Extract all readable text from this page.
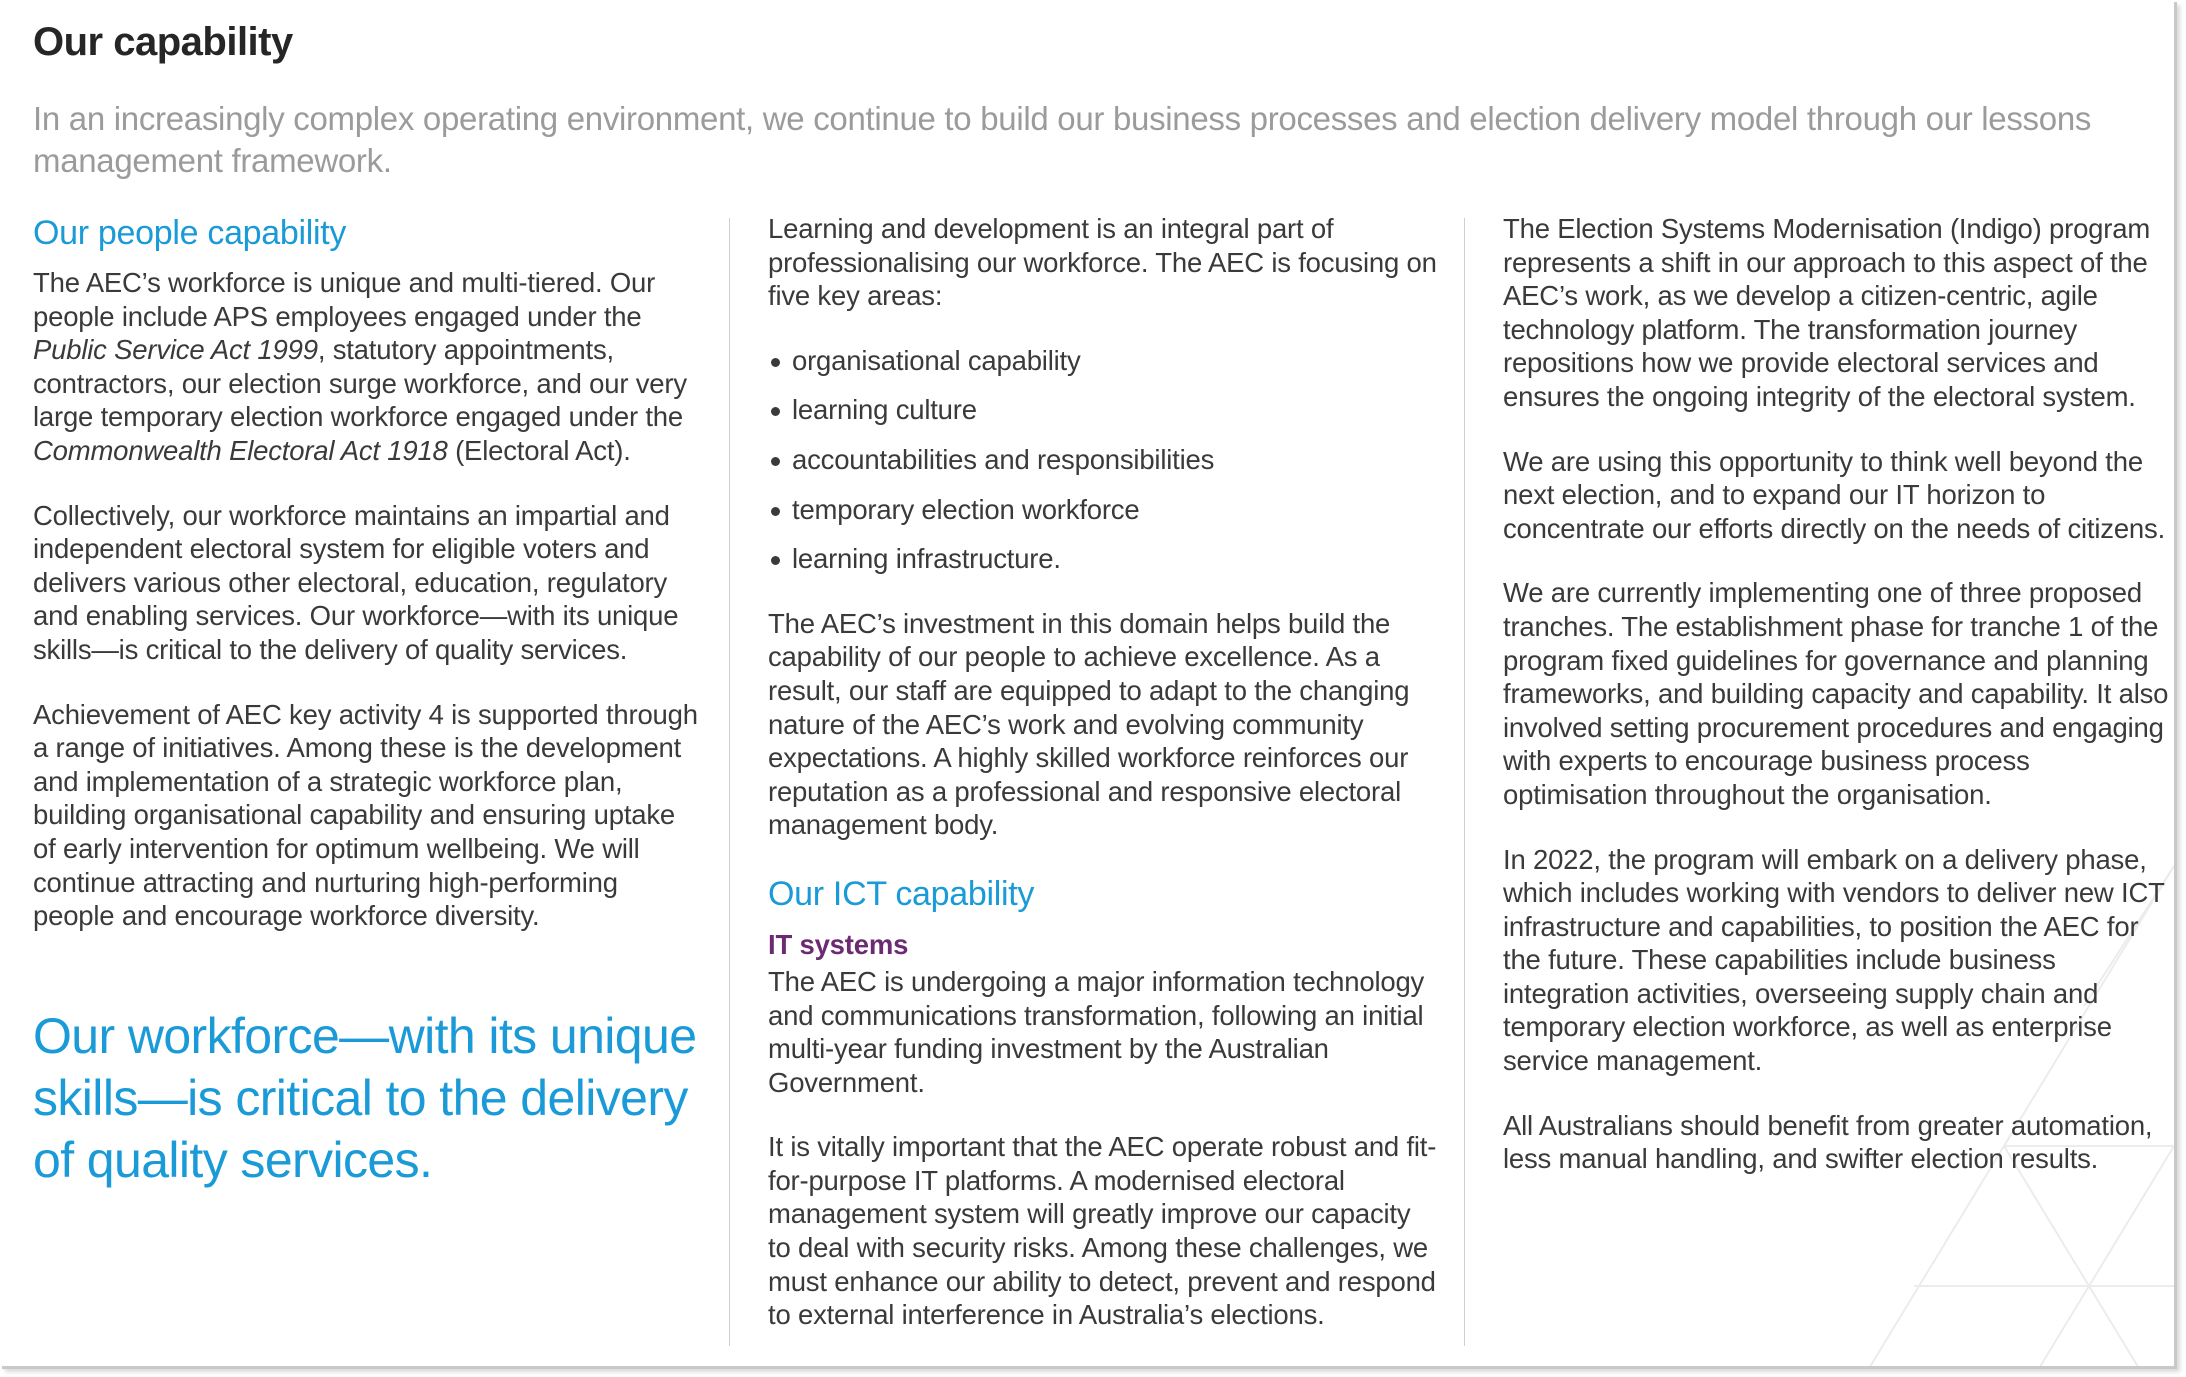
Our capability

In an increasingly complex operating environment, we continue to build our business processes and election delivery model through our lessons management framework.

Our people capability

The AEC’s workforce is unique and multi-tiered. Our people include APS employees engaged under the Public Service Act 1999, statutory appointments, contractors, our election surge workforce, and our very large temporary election workforce engaged under the Commonwealth Electoral Act 1918 (Electoral Act).

Collectively, our workforce maintains an impartial and independent electoral system for eligible voters and delivers various other electoral, education, regulatory and enabling services. Our workforce—with its unique skills—is critical to the delivery of quality services.

Achievement of AEC key activity 4 is supported through a range of initiatives. Among these is the development and implementation of a strategic workforce plan, building organisational capability and ensuring uptake of early intervention for optimum wellbeing. We will continue attracting and nurturing high-performing people and encourage workforce diversity.

Our workforce—with its unique skills—is critical to the delivery of quality services.

Learning and development is an integral part of professionalising our workforce. The AEC is focusing on five key areas:

organisational capability
learning culture
accountabilities and responsibilities
temporary election workforce
learning infrastructure.

The AEC’s investment in this domain helps build the capability of our people to achieve excellence. As a result, our staff are equipped to adapt to the changing nature of the AEC’s work and evolving community expectations. A highly skilled workforce reinforces our reputation as a professional and responsive electoral management body.

Our ICT capability
IT systems

The AEC is undergoing a major information technology and communications transformation, following an initial multi-year funding investment by the Australian Government.

It is vitally important that the AEC operate robust and fit-for-purpose IT platforms. A modernised electoral management system will greatly improve our capacity to deal with security risks. Among these challenges, we must enhance our ability to detect, prevent and respond to external interference in Australia’s elections.

The Election Systems Modernisation (Indigo) program represents a shift in our approach to this aspect of the AEC’s work, as we develop a citizen-centric, agile technology platform. The transformation journey repositions how we provide electoral services and ensures the ongoing integrity of the electoral system.

We are using this opportunity to think well beyond the next election, and to expand our IT horizon to concentrate our efforts directly on the needs of citizens.

We are currently implementing one of three proposed tranches. The establishment phase for tranche 1 of the program fixed guidelines for governance and planning frameworks, and building capacity and capability. It also involved setting procurement procedures and engaging with experts to encourage business process optimisation throughout the organisation.

In 2022, the program will embark on a delivery phase, which includes working with vendors to deliver new ICT infrastructure and capabilities, to position the AEC for the future. These capabilities include business integration activities, overseeing supply chain and temporary election workforce, as well as enterprise service management.

All Australians should benefit from greater automation, less manual handling, and swifter election results.
